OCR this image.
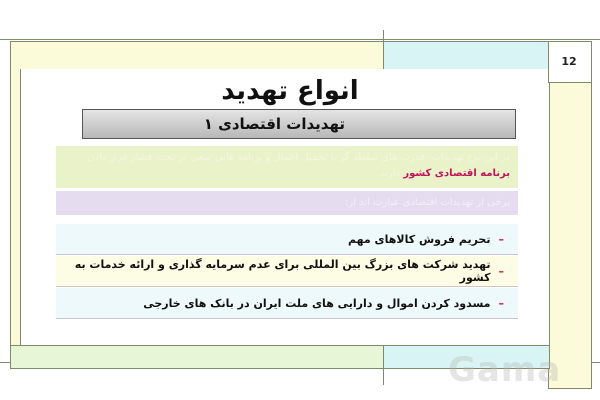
12
انواع تهدید
۱ تهدیدات اقتصادی
در این نوع تهدیدات، قدرت های سلطه گر با تحمیل اعمال و برنامه هایی سعی در تحت فشار قرار دادن برنامه اقتصادی کشور دارند.
برخی از تهدیدات اقتصادی عبارت اند از:
–
تحریم فروش کالاهای مهم
–
تهدید شرکت های بزرگ بین المللی برای عدم سرمایه گذاری و ارائه خدمات به کشور
–
مسدود کردن اموال و دارایی های ملت ایران در بانک های خارجی
Gama
